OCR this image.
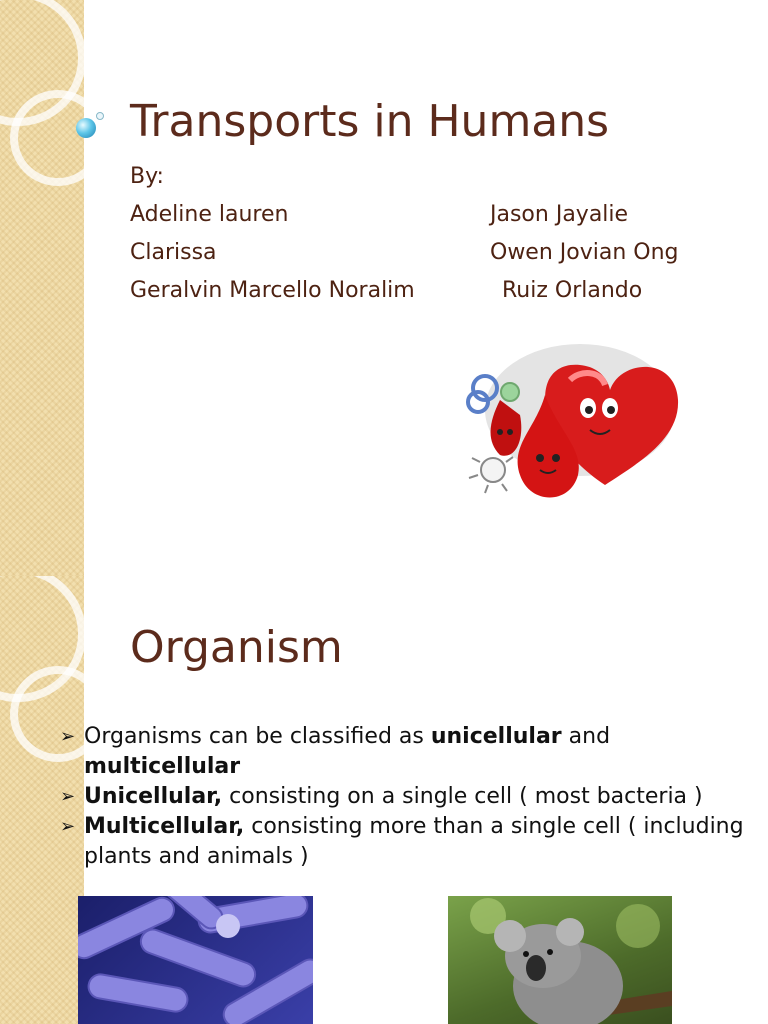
Transports in Humans
By:
Adeline lauren	Jason Jayalie
Clarissa	Owen Jovian Ong
Geralvin Marcello Noralim	Ruiz Orlando
Organism
➢ Organisms can be classified as unicellular and multicellular
➢ Unicellular, consisting on a single cell ( most bacteria )
➢ Multicellular, consisting more than a single cell ( including plants and animals )
